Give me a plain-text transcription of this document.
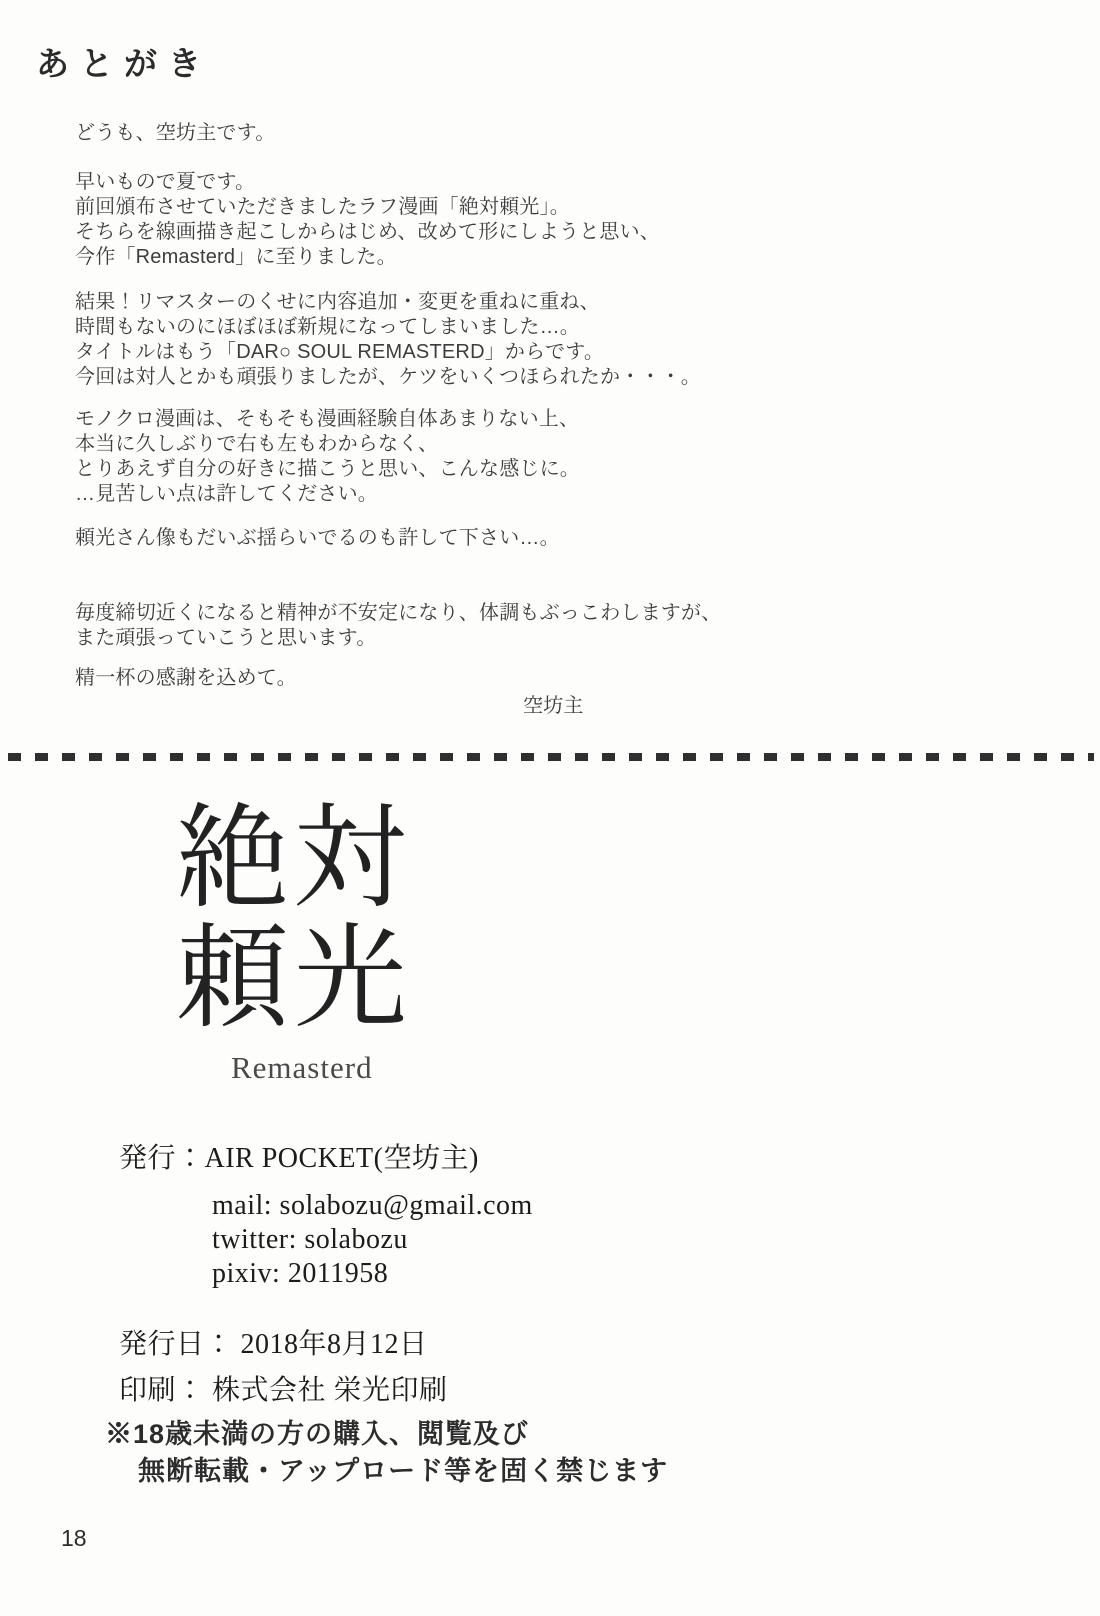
あとがき
どうも、空坊主です。
早いもので夏です。
前回頒布させていただきましたラフ漫画「絶対頼光」。
そちらを線画描き起こしからはじめ、改めて形にしようと思い、
今作「Remasterd」に至りました。
結果！リマスターのくせに内容追加・変更を重ねに重ね、
時間もないのにほぼほぼ新規になってしまいました…。
タイトルはもう「DAR○ SOUL REMASTERD」からです。
今回は対人とかも頑張りましたが、ケツをいくつほられたか・・・。
モノクロ漫画は、そもそも漫画経験自体あまりない上、
本当に久しぶりで右も左もわからなく、
とりあえず自分の好きに描こうと思い、こんな感じに。
…見苦しい点は許してください。
頼光さん像もだいぶ揺らいでるのも許して下さい…。
毎度締切近くになると精神が不安定になり、体調もぶっこわしますが、
また頑張っていこうと思います。
精一杯の感謝を込めて。
空坊主
絶対
頼光
Remasterd
発行：AIR POCKET(空坊主)
mail: solabozu@gmail.com
twitter: solabozu
pixiv: 2011958
発行日： 2018年8月12日
印刷： 株式会社 栄光印刷
※18歳未満の方の購入、閲覧及び
無断転載・アップロード等を固く禁じます
18
